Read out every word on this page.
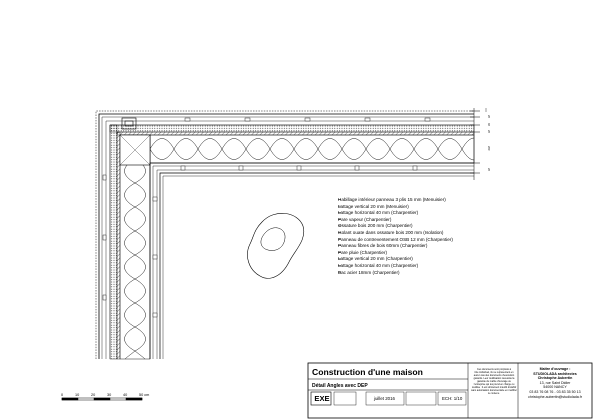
20
40
20
200
20
0	10	20	30	40	50 cm
Habillage intérieur panneau 3 plis 15 mm (Menuisier)
Lattage vertical 20 mm (Menuisier)
Lattage horizontal 40 mm (Charpentier)
Pare vapeur (Charpentier)
Ossature bois 200 mm (Charpentier)
Isolant ouate dans ossature bois 200 mm (Isolation)
Panneau de contreventement OSB 12 mm (Charpentier)
Panneau fibres de bois 60mm (Charpentier)
Pare pluie (Charpentier)
Lattage vertical 20 mm (Charpentier)
Lattage horizontal 40 mm (Charpentier)
Bac acier 18mm (Charpentier)
Construction d'une maison
Détail Angles avec DEP
EXE	juillet 2016	ECH: 1/10
Ces documents sont propriété à titre individuel, ils ne représentent en aucun cas des documents d'exécution garantis. Leur réutilisation nécessite la garantie du maître d'ouvrage ou l'entreprise qui les prend en charge ou réutilise : il est strictement interdit d'établir sans autorisation documentaire en modifier le contenu.
Maître d'ouvrage :
STUDIOLADA architectes
Christophe Aubertin
13, rue Saint Didier
54000 NANCY
03 83 76 08 76 - 03 83 35 50 13
christophe.aubertin@studiolada.fr
